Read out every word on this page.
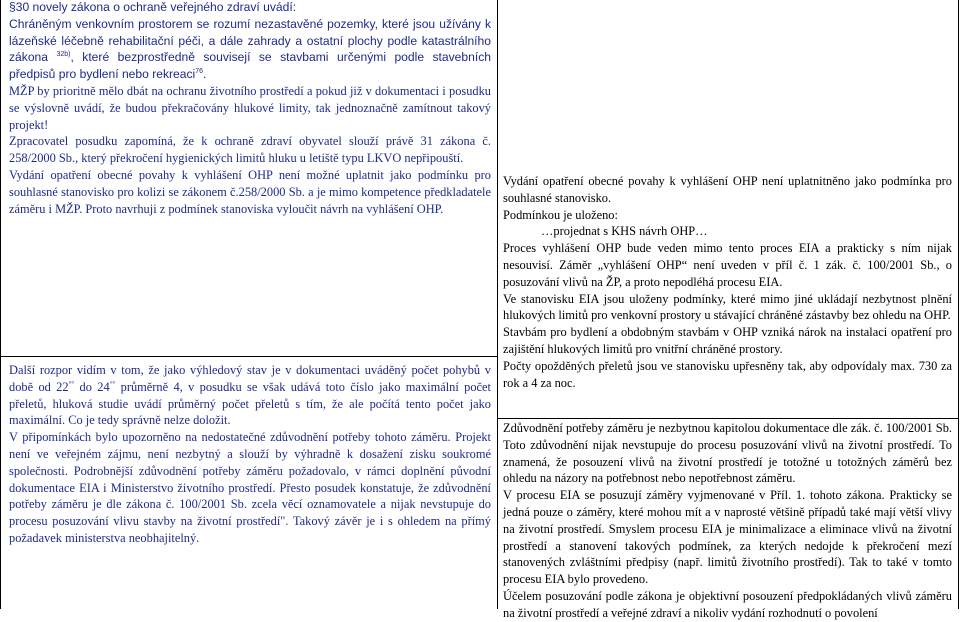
§30 novely zákona o ochraně veřejného zdraví uvádí:

Chráněným venkovním prostorem se rozumí nezastavěné pozemky, které jsou užívány k lázeňské léčebně rehabilitační péči, a dále zahrady a ostatní plochy podle katastrálního zákona $^{32b)}$, které bezprostředně souvisejí se stavbami určenými podle stavebních předpisů pro bydlení nebo rekreaci$^{76}$.

MŽP by prioritně mělo dbát na ochranu životního prostředí a pokud již v dokumentaci i posudku se výslovně uvádí, že budou překračovány hlukové limity, tak jednoznačně zamítnout takový projekt!

Zpracovatel posudku zapomíná, že k ochraně zdraví obyvatel slouží právě 31 zákona č. 258/2000 Sb., který překročení hygienických limitů hluku u letiště typu LKVO nepřipouští.

Vydání opatření obecné povahy k vyhlášení OHP není možné uplatnit jako podmínku pro souhlasné stanovisko pro kolizi se zákonem č.258/2000 Sb. a je mimo kompetence předkladatele záměru i MŽP. Proto navrhuji z podmínek stanoviska vyloučit návrh na vyhlášení OHP.

Další rozpor vidím v tom, že jako výhledový stav je v dokumentaci uváděný počet pohybů v době od 22°° do 24°° průměrně 4, v posudku se však udává toto číslo jako maximální počet přeletů, hluková studie uvádí průměrný počet přeletů s tím, že ale počítá tento počet jako maximální. Co je tedy správně nelze doložit.

V připomínkách bylo upozorněno na nedostatečné zdůvodnění potřeby tohoto záměru. Projekt není ve veřejném zájmu, není nezbytný a slouží by výhradně k dosažení zisku soukromé společnosti. Podrobnější zdůvodnění potřeby záměru požadovalo, v rámci doplnění původní dokumentace EIA i Ministerstvo životního prostředí. Přesto posudek konstatuje, že zdůvodnění potřeby záměru je dle zákona č. 100/2001 Sb. zcela věcí oznamovatele a nijak nevstupuje do procesu posuzování vlivu stavby na životní prostředí". Takový závěr je i s ohledem na přímý požadavek ministerstva neobhajitelný.

Vydání opatření obecné povahy k vyhlášení OHP není uplatnitněno jako podmínka pro souhlasné stanovisko.

Podmínkou je uloženo:

…projednat s KHS návrh OHP…

Proces vyhlášení OHP bude veden mimo tento proces EIA a prakticky s ním nijak nesouvisí. Záměr „vyhlášení OHP“ není uveden v příl č. 1 zák. č. 100/2001 Sb., o posuzování vlivů na ŽP, a proto nepodléhá procesu EIA.

Ve stanovisku EIA jsou uloženy podmínky, které mimo jiné ukládají nezbytnost plnění hlukových limitů pro venkovní prostory u stávající chráněné zástavby bez ohledu na OHP.

Stavbám pro bydlení a obdobným stavbám v OHP vzniká nárok na instalaci opatření pro zajištění hlukových limitů pro vnitřní chráněné prostory.

Počty opožděných přeletů jsou ve stanovisku upřesněny tak, aby odpovídaly max. 730 za rok a 4 za noc.

Zdůvodnění potřeby záměru je nezbytnou kapitolou dokumentace dle zák. č. 100/2001 Sb. Toto zdůvodnění nijak nevstupuje do procesu posuzování vlivů na životní prostředí. To znamená, že posouzení vlivů na životní prostředí je totožné u totožných záměrů bez ohledu na názory na potřebnost nebo nepotřebnost záměru.

V procesu EIA se posuzují záměry vyjmenované v Příl. 1. tohoto zákona. Prakticky se jedná pouze o záměry, které mohou mít a v naprosté většině případů také mají větší vlivy na životní prostředí. Smyslem procesu EIA je minimalizace a eliminace vlivů na životní prostředí a stanovení takových podmínek, za kterých nedojde k překročení mezí stanovených zvláštními předpisy (např. limitů životního prostředí). Tak to také v tomto procesu EIA bylo provedeno.

Účelem posuzování podle zákona je objektivní posouzení předpokládaných vlivů záměru na životní prostředí a veřejné zdraví a nikoliv vydání rozhodnutí o povolení
